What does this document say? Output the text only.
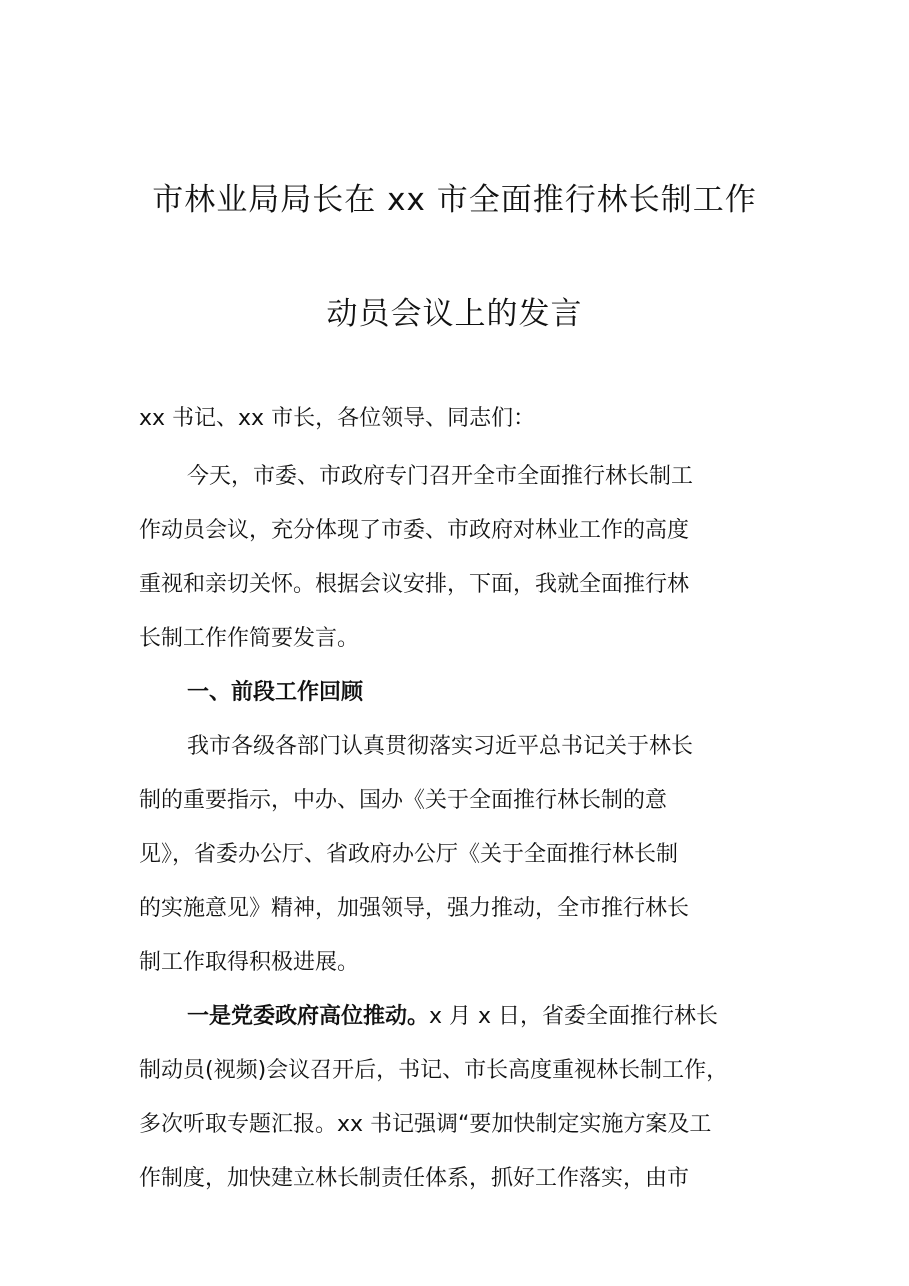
市林业局局长在 xx 市全面推行林长制工作
动员会议上的发言
xx 书记、xx 市长，各位领导、同志们：

今天，市委、市政府专门召开全市全面推行林长制工
作动员会议，充分体现了市委、市政府对林业工作的高度
重视和亲切关怀。根据会议安排，下面，我就全面推行林
长制工作作简要发言。

一、前段工作回顾

我市各级各部门认真贯彻落实习近平总书记关于林长
制的重要指示，中办、国办《关于全面推行林长制的意
见》，省委办公厅、省政府办公厅《关于全面推行林长制
的实施意见》精神，加强领导，强力推动，全市推行林长
制工作取得积极进展。

一是党委政府高位推动。x 月 x 日，省委全面推行林长
制动员(视频)会议召开后，书记、市长高度重视林长制工作，
多次听取专题汇报。xx 书记强调“要加快制定实施方案及工
作制度，加快建立林长制责任体系，抓好工作落实，由市
